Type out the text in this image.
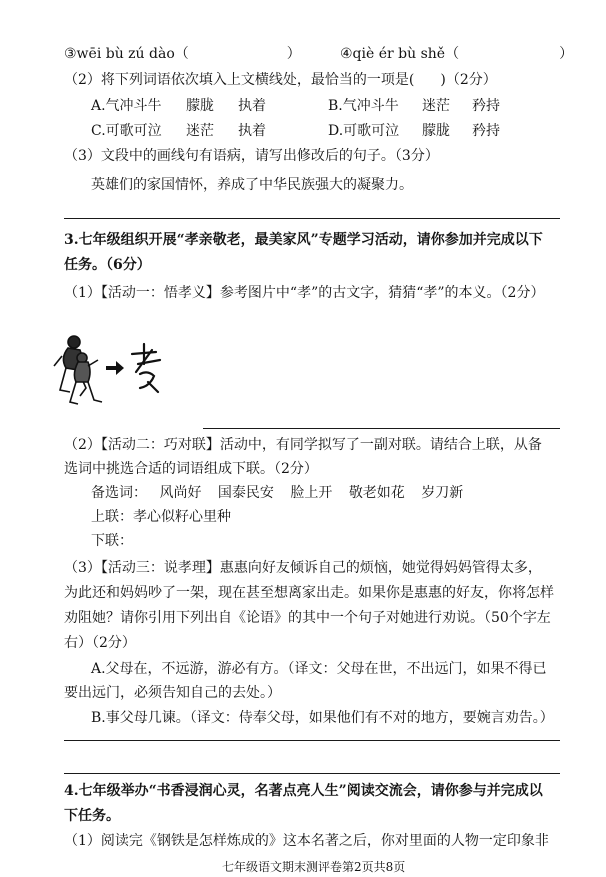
③wēi bù zú dào（	）	④qiè ér bù shě（	）
（2）将下列词语依次填入上文横线处，最恰当的一项是( )（2分）
A.气冲斗牛 朦胧 执着	B.气冲斗牛 迷茫 矜持
C.可歌可泣 迷茫 执着	D.可歌可泣 朦胧 矜持
（3）文段中的画线句有语病，请写出修改后的句子。（3分）
英雄们的家国情怀，养成了中华民族强大的凝聚力。
3.七年级组织开展“孝亲敬老，最美家风”专题学习活动，请你参加并完成以下
任务。（6分）
（1）【活动一：悟孝义】参考图片中“孝”的古文字，猜猜“孝”的本义。（2分）
（2）【活动二：巧对联】活动中，有同学拟写了一副对联。请结合上联，从备
选词中挑选合适的词语组成下联。（2分）
备选词： 风尚好 国泰民安 脸上开 敬老如花 岁刀新
上联：孝心似籽心里种
下联：
（3）【活动三：说孝理】惠惠向好友倾诉自己的烦恼，她觉得妈妈管得太多，
为此还和妈妈吵了一架，现在甚至想离家出走。如果你是惠惠的好友，你将怎样
劝阻她？请你引用下列出自《论语》的其中一个句子对她进行劝说。（50个字左
右）（2分）
A.父母在，不远游，游必有方。（译文：父母在世，不出远门，如果不得已
要出远门，必须告知自己的去处。）
B.事父母几谏。（译文：侍奉父母，如果他们有不对的地方，要婉言劝告。）
4.七年级举办“书香浸润心灵，名著点亮人生”阅读交流会，请你参与并完成以
下任务。
（1）阅读完《钢铁是怎样炼成的》这本名著之后，你对里面的人物一定印象非
七年级语文期末测评卷第2页共8页
